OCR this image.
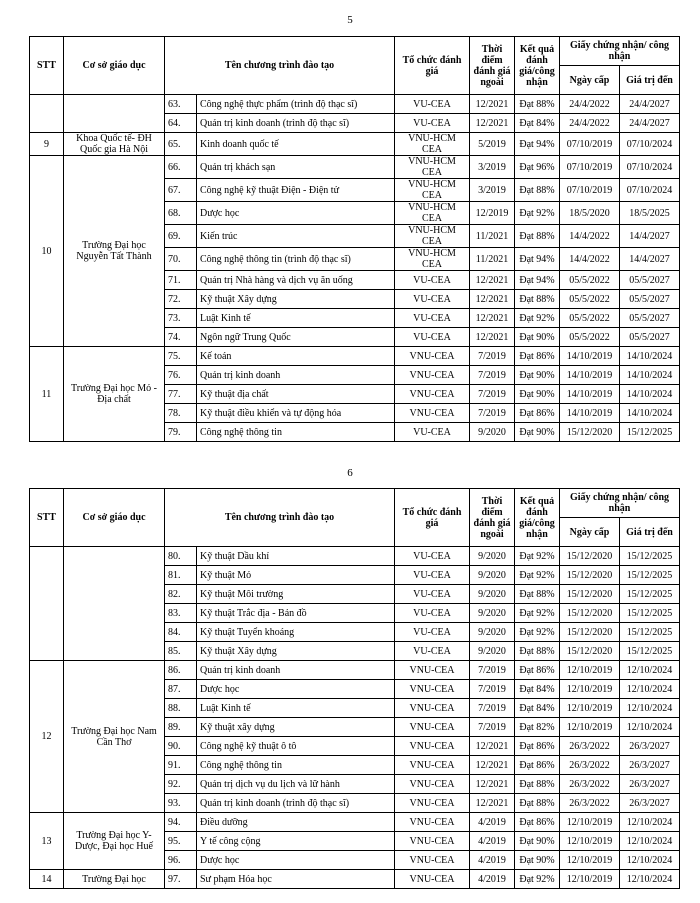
5
STT	Cơ sở giáo dục	Tên chương trình đào tạo		Tổ chức đánh giá	Thời điểm đánh giá ngoài	Kết quả đánh giá/công nhận	Giấy chứng nhận/ công nhận	
							Ngày cấp	Giá trị đến
		63.	Công nghệ thực phẩm (trình độ thạc sĩ)	VU-CEA	12/2021	Đạt 88%	24/4/2022	24/4/2027
		64.	Quản trị kinh doanh (trình độ thạc sĩ)	VU-CEA	12/2021	Đạt 84%	24/4/2022	24/4/2027
9	Khoa Quốc tế- ĐH Quốc gia Hà Nội	65.	Kinh doanh quốc tế	VNU-HCM CEA	5/2019	Đạt 94%	07/10/2019	07/10/2024
10	Trường Đại học Nguyễn Tất Thành	66.	Quản trị khách sạn	VNU-HCM CEA	3/2019	Đạt 96%	07/10/2019	07/10/2024
		67.	Công nghệ kỹ thuật Điện - Điện tử	VNU-HCM CEA	3/2019	Đạt 88%	07/10/2019	07/10/2024
		68.	Dược học	VNU-HCM CEA	12/2019	Đạt 92%	18/5/2020	18/5/2025
		69.	Kiến trúc	VNU-HCM CEA	11/2021	Đạt 88%	14/4/2022	14/4/2027
		70.	Công nghệ thông tin (trình độ thạc sĩ)	VNU-HCM CEA	11/2021	Đạt 94%	14/4/2022	14/4/2027
		71.	Quản trị Nhà hàng và dịch vụ ăn uống	VU-CEA	12/2021	Đạt 94%	05/5/2022	05/5/2027
		72.	Kỹ thuật Xây dựng	VU-CEA	12/2021	Đạt 88%	05/5/2022	05/5/2027
		73.	Luật Kinh tế	VU-CEA	12/2021	Đạt 92%	05/5/2022	05/5/2027
		74.	Ngôn ngữ Trung Quốc	VU-CEA	12/2021	Đạt 90%	05/5/2022	05/5/2027
11	Trường Đại học Mỏ - Địa chất	75.	Kế toán	VNU-CEA	7/2019	Đạt 86%	14/10/2019	14/10/2024
		76.	Quản trị kinh doanh	VNU-CEA	7/2019	Đạt 90%	14/10/2019	14/10/2024
		77.	Kỹ thuật địa chất	VNU-CEA	7/2019	Đạt 90%	14/10/2019	14/10/2024
		78.	Kỹ thuật điều khiển và tự động hóa	VNU-CEA	7/2019	Đạt 86%	14/10/2019	14/10/2024
		79.	Công nghệ thông tin	VU-CEA	9/2020	Đạt 90%	15/12/2020	15/12/2025
6
STT	Cơ sở giáo dục	Tên chương trình đào tạo		Tổ chức đánh giá	Thời điểm đánh giá ngoài	Kết quả đánh giá/công nhận	Giấy chứng nhận/ công nhận	
							Ngày cấp	Giá trị đến
		80.	Kỹ thuật Dầu khí	VU-CEA	9/2020	Đạt 92%	15/12/2020	15/12/2025
		81.	Kỹ thuật Mỏ	VU-CEA	9/2020	Đạt 92%	15/12/2020	15/12/2025
		82.	Kỹ thuật Môi trường	VU-CEA	9/2020	Đạt 88%	15/12/2020	15/12/2025
		83.	Kỹ thuật Trắc địa - Bản đồ	VU-CEA	9/2020	Đạt 92%	15/12/2020	15/12/2025
		84.	Kỹ thuật Tuyển khoáng	VU-CEA	9/2020	Đạt 92%	15/12/2020	15/12/2025
		85.	Kỹ thuật Xây dựng	VU-CEA	9/2020	Đạt 88%	15/12/2020	15/12/2025
12	Trường Đại học Nam Cần Thơ	86.	Quản trị kinh doanh	VNU-CEA	7/2019	Đạt 86%	12/10/2019	12/10/2024
		87.	Dược học	VNU-CEA	7/2019	Đạt 84%	12/10/2019	12/10/2024
		88.	Luật Kinh tế	VNU-CEA	7/2019	Đạt 84%	12/10/2019	12/10/2024
		89.	Kỹ thuật xây dựng	VNU-CEA	7/2019	Đạt 82%	12/10/2019	12/10/2024
		90.	Công nghệ kỹ thuật ô tô	VNU-CEA	12/2021	Đạt 86%	26/3/2022	26/3/2027
		91.	Công nghệ thông tin	VNU-CEA	12/2021	Đạt 86%	26/3/2022	26/3/2027
		92.	Quản trị dịch vụ du lịch và lữ hành	VNU-CEA	12/2021	Đạt 88%	26/3/2022	26/3/2027
		93.	Quản trị kinh doanh (trình độ thạc sĩ)	VNU-CEA	12/2021	Đạt 88%	26/3/2022	26/3/2027
13	Trường Đại học Y-Dược, Đại học Huế	94.	Điều dưỡng	VNU-CEA	4/2019	Đạt 86%	12/10/2019	12/10/2024
		95.	Y tế công cộng	VNU-CEA	4/2019	Đạt 90%	12/10/2019	12/10/2024
		96.	Dược học	VNU-CEA	4/2019	Đạt 90%	12/10/2019	12/10/2024
14	Trường Đại học	97.	Sư phạm Hóa học	VNU-CEA	4/2019	Đạt 92%	12/10/2019	12/10/2024
